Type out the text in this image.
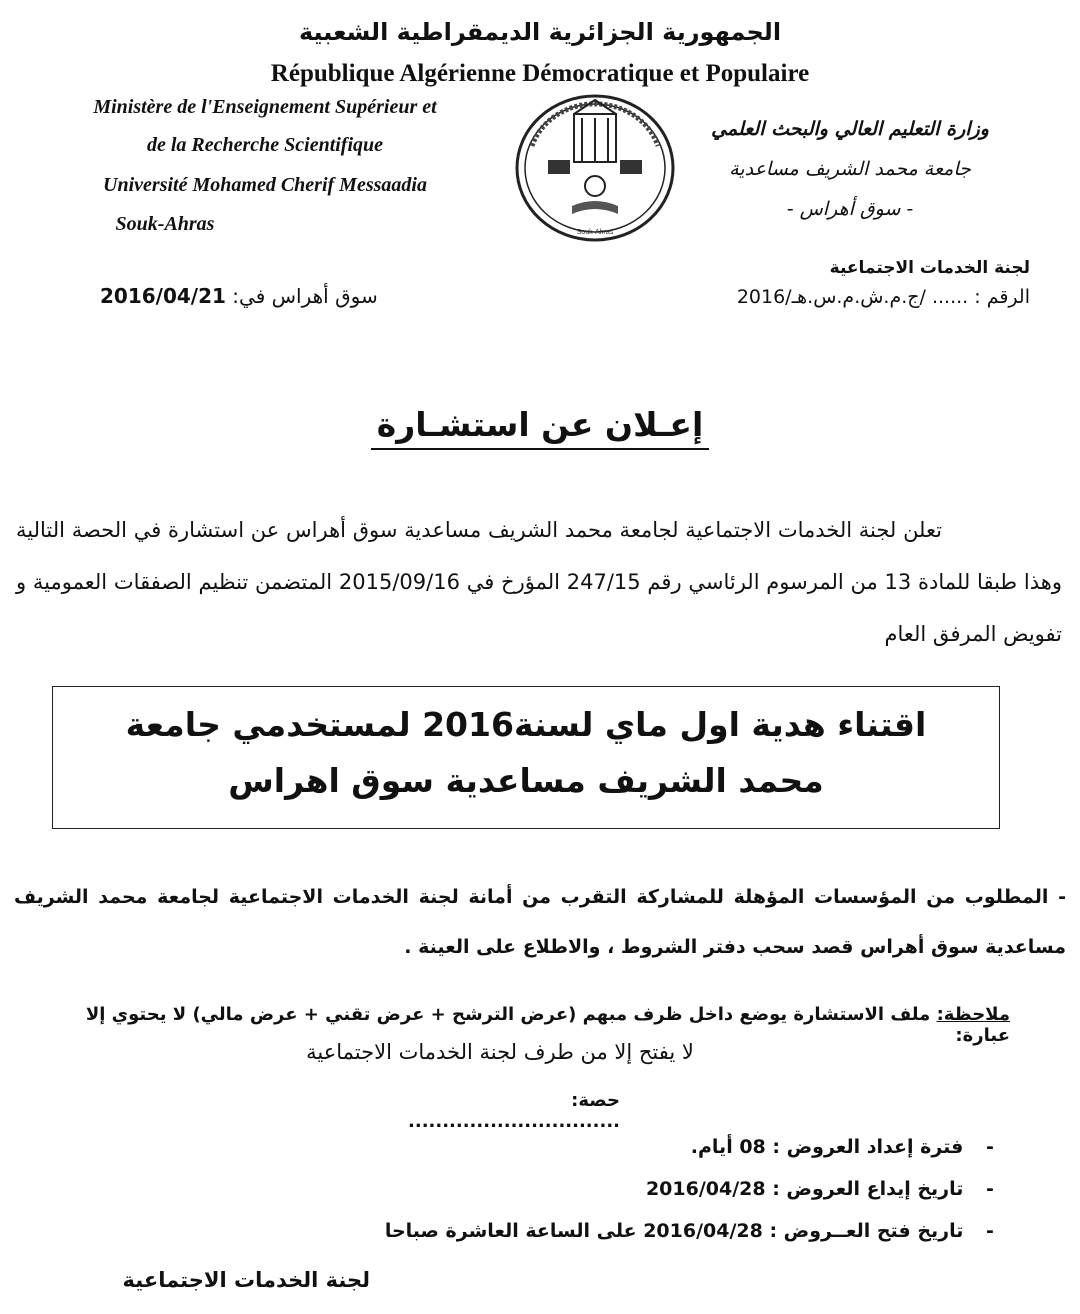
الجمهورية الجزائرية الديمقراطية الشعبية
République Algérienne Démocratique et Populaire
Ministère de l'Enseignement Supérieur et
de la Recherche Scientifique
Université Mohamed Cherif Messaadia
Souk-Ahras
وزارة التعليم العالي والبحث العلمي
جامعة محمد الشريف مساعدية
- سوق أهراس -
Souk-Ahras
لجنة الخدمات الاجتماعية
الرقم : ...... /ج.م.ش.م.س.هـ/2016
سوق أهراس في: 2016/04/21
إعـلان عن استشـارة
تعلن لجنة الخدمات الاجتماعية لجامعة محمد الشريف مساعدية سوق أهراس عن استشارة في الحصة التالية وهذا طبقا للمادة 13 من المرسوم الرئاسي رقم 247/15 المؤرخ في 2015/09/16 المتضمن تنظيم الصفقات العمومية و تفويض المرفق العام
اقتناء هدية اول ماي لسنة2016 لمستخدمي جامعة محمد الشريف مساعدية سوق اهراس
- المطلوب من المؤسسات المؤهلة للمشاركة التقرب من أمانة لجنة الخدمات الاجتماعية لجامعة محمد الشريف مساعدية سوق أهراس قصد سحب دفتر الشروط ، والاطلاع على العينة .
ملاحظة: ملف الاستشارة يوضع داخل ظرف مبهم (عرض الترشح + عرض تقني + عرض مالي) لا يحتوي إلا عبارة:
لا يفتح إلا من طرف لجنة الخدمات الاجتماعية
حصة: ...............................
- فترة إعداد العروض : 08 أيام.
- تاريخ إيداع العروض : 2016/04/28
- تاريخ فتح العــروض : 2016/04/28 على الساعة العاشرة صباحا
لجنة الخدمات الاجتماعية
